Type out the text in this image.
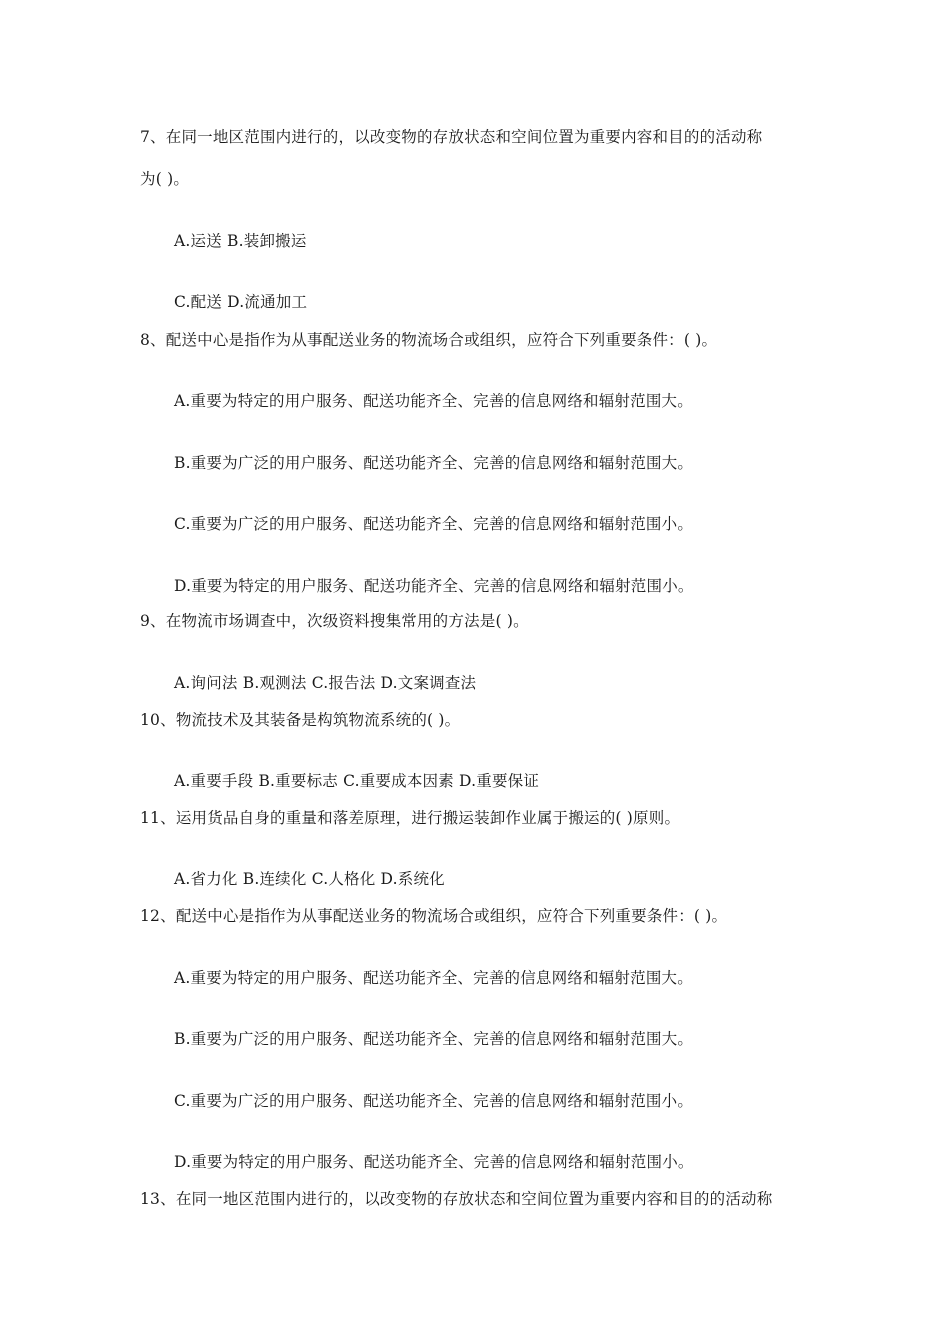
7、在同一地区范围内进行的，以改变物的存放状态和空间位置为重要内容和目的的活动称
为( )。
A.运送 B.装卸搬运
C.配送 D.流通加工
8、配送中心是指作为从事配送业务的物流场合或组织，应符合下列重要条件：( )。
A.重要为特定的用户服务、配送功能齐全、完善的信息网络和辐射范围大。
B.重要为广泛的用户服务、配送功能齐全、完善的信息网络和辐射范围大。
C.重要为广泛的用户服务、配送功能齐全、完善的信息网络和辐射范围小。
D.重要为特定的用户服务、配送功能齐全、完善的信息网络和辐射范围小。
9、在物流市场调查中，次级资料搜集常用的方法是( )。
A.询问法 B.观测法 C.报告法 D.文案调查法
10、物流技术及其装备是构筑物流系统的( )。
A.重要手段 B.重要标志 C.重要成本因素 D.重要保证
11、运用货品自身的重量和落差原理，进行搬运装卸作业属于搬运的( )原则。
A.省力化 B.连续化 C.人格化 D.系统化
12、配送中心是指作为从事配送业务的物流场合或组织，应符合下列重要条件：( )。
A.重要为特定的用户服务、配送功能齐全、完善的信息网络和辐射范围大。
B.重要为广泛的用户服务、配送功能齐全、完善的信息网络和辐射范围大。
C.重要为广泛的用户服务、配送功能齐全、完善的信息网络和辐射范围小。
D.重要为特定的用户服务、配送功能齐全、完善的信息网络和辐射范围小。
13、在同一地区范围内进行的，以改变物的存放状态和空间位置为重要内容和目的的活动称
